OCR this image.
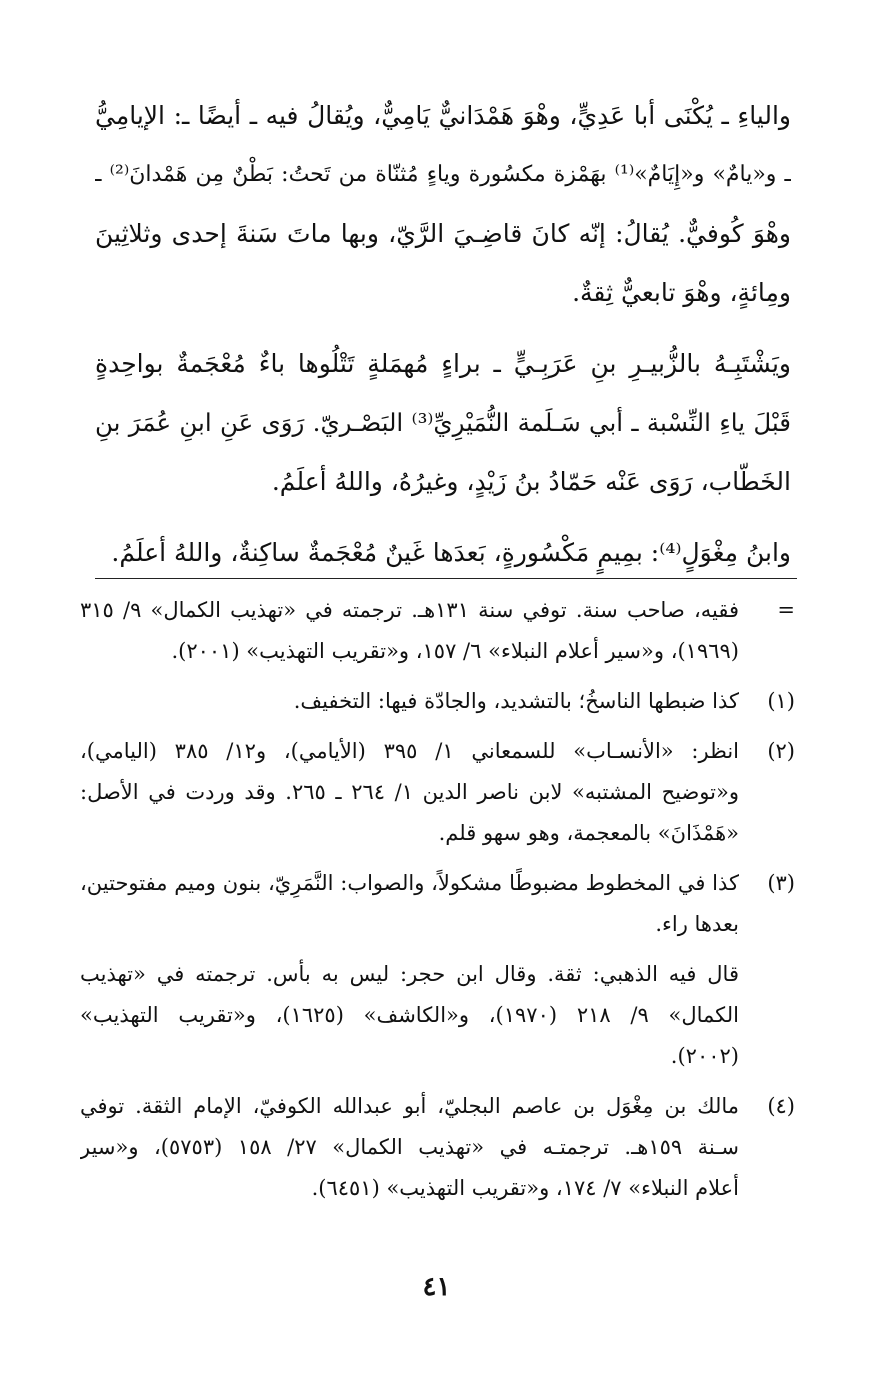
والياءِ ـ يُكْنَى أبا عَدِيٍّ، وهْوَ هَمْدَانيٌّ يَامِيٌّ، ويُقالُ فيه ـ أيضًا ـ: الإيامِيُّ
ـ و«يامٌ» و«إِيَامٌ»⁽¹⁾ بهَمْزة مكسُورة وياءٍ مُثنّاة من تَحتُ: بَطْنٌ مِن هَمْدانَ⁽²⁾ ـ
وهْوَ كُوفيٌّ. يُقالُ: إنّه كانَ قاضِـيَ الرَّيّ، وبها ماتَ سَنةَ إحدى وثلاثِينَ
ومِائةٍ، وهْوَ تابعيٌّ ثِقةٌ.
ويَشْتَبِـهُ بالزُّبيـرِ بنِ عَرَبِـيٍّ ـ براءٍ مُهمَلةٍ تَتْلُوها باءٌ مُعْجَمةٌ بواحِدةٍ
قَبْلَ ياءِ النِّسْبة ـ أبي سَـلَمة النُّمَيْرِيِّ⁽³⁾ البَصْـريّ. رَوَى عَنِ ابنِ عُمَرَ بنِ
الخَطّاب، رَوَى عَنْه حَمّادُ بنُ زَيْدٍ، وغيرُهُ، واللهُ أعلَمُ.
وابنُ مِغْوَلٍ⁽⁴⁾: بمِيمٍ مَكْسُورةٍ، بَعدَها غَينٌ مُعْجَمةٌ ساكِنةٌ، واللهُ أعلَمُ.
=
فقيه، صاحب سنة. توفي سنة ١٣١هـ. ترجمته في «تهذيب الكمال» ٩/ ٣١٥
(١٩٦٩)، و«سير أعلام النبلاء» ٦/ ١٥٧، و«تقريب التهذيب» (٢٠٠١).
(١)
كذا ضبطها الناسخُ؛ بالتشديد، والجادّة فيها: التخفيف.
(٢)
انظر: «الأنسـاب» للسمعاني ١/ ٣٩٥ (الأيامي)، و١٢/ ٣٨٥ (اليامي)،
و«توضيح المشتبه» لابن ناصر الدين ١/ ٢٦٤ ـ ٢٦٥. وقد وردت في الأصل:
«هَمْذَانَ» بالمعجمة، وهو سهو قلم.
(٣)
كذا في المخطوط مضبوطًا مشكولاً، والصواب: النَّمَرِيّ، بنون وميم مفتوحتين،
بعدها راء.
قال فيه الذهبي: ثقة. وقال ابن حجر: ليس به بأس. ترجمته في «تهذيب
الكمال» ٩/ ٢١٨ (١٩٧٠)، و«الكاشف» (١٦٢٥)، و«تقريب التهذيب»
(٢٠٠٢).
(٤)
مالك بن مِغْوَل بن عاصم البجليّ، أبو عبدالله الكوفيّ، الإمام الثقة. توفي
سـنة ١٥٩هـ. ترجمتـه في «تهذيب الكمال» ٢٧/ ١٥٨ (٥٧٥٣)، و«سير
أعلام النبلاء» ٧/ ١٧٤، و«تقريب التهذيب» (٦٤٥١).
٤١
